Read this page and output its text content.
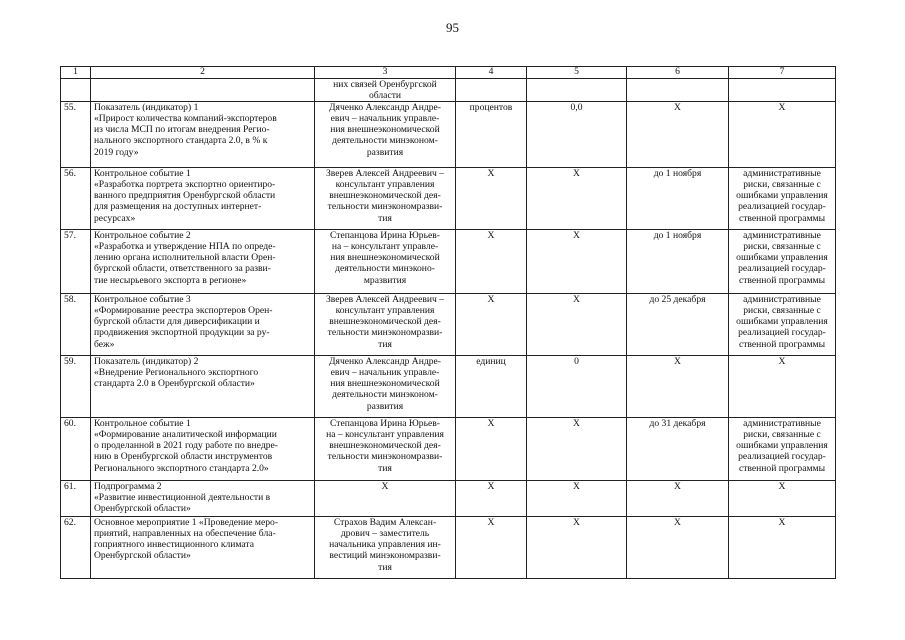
95
1	2	3	4	5	6	7

		них связей Оренбургской
области				

55.	Показатель (индикатор) 1
«Прирост количества компаний-экспортеров
из числа МСП по итогам внедрения Регио-
нального экспортного стандарта 2.0, в % к
2019 году»	Дяченко Александр Андре-
евич – начальник управле-
ния внешнеэкономической
деятельности минэконом-
развития	процентов	0,0	X	X

56.	Контрольное событие 1
«Разработка портрета экспортно ориентиро-
ванного предприятия Оренбургской области
для размещения на доступных интернет-
ресурсах»	Зверев Алексей Андреевич –
консультант управления
внешнеэкономической дея-
тельности минэкономразви-
тия	X	X	до 1 ноября	административные
риски, связанные с
ошибками управления
реализацией государ-
ственной программы

57.	Контрольное событие 2
«Разработка и утверждение НПА по опреде-
лению органа исполнительной власти Орен-
бургской области, ответственного за разви-
тие несырьевого экспорта в регионе»	Степанцова Ирина Юрьев-
на – консультант управле-
ния внешнеэкономической
деятельности минэконо-
мразвития	X	X	до 1 ноября	административные
риски, связанные с
ошибками управления
реализацией государ-
ственной программы

58.	Контрольное событие 3
«Формирование реестра экспортеров Орен-
бургской области для диверсификации и
продвижения экспортной продукции за ру-
беж»	Зверев Алексей Андреевич –
консультант управления
внешнеэкономической дея-
тельности минэкономразви-
тия	X	X	до 25 декабря	административные
риски, связанные с
ошибками управления
реализацией государ-
ственной программы

59.	Показатель (индикатор) 2
«Внедрение Регионального экспортного
стандарта 2.0 в Оренбургской области»	Дяченко Александр Андре-
евич – начальник управле-
ния внешнеэкономической
деятельности минэконом-
развития	единиц	0	X	X

60.	Контрольное событие 1
«Формирование аналитической информации
о проделанной в 2021 году работе по внедре-
нию в Оренбургской области инструментов
Регионального экспортного стандарта 2.0»	Степанцова Ирина Юрьев-
на – консультант управления
внешнеэкономической дея-
тельности минэкономразви-
тия	X	X	до 31 декабря	административные
риски, связанные с
ошибками управления
реализацией государ-
ственной программы

61.	Подпрограмма 2
«Развитие инвестиционной деятельности в
Оренбургской области»	X	X	X	X	X

62.	Основное мероприятие 1 «Проведение меро-
приятий, направленных на обеспечение бла-
гоприятного инвестиционного климата
Оренбургской области»	Страхов Вадим Алексан-
дрович – заместитель
начальника управления ин-
вестиций минэкономразви-
тия	X	X	X	X
